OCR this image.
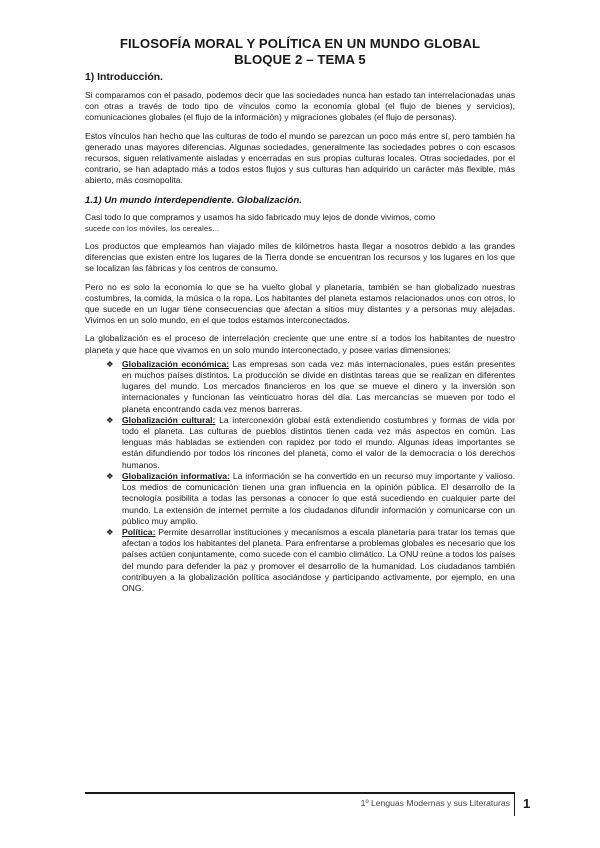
FILOSOFÍA MORAL Y POLÍTICA EN UN MUNDO GLOBAL
BLOQUE 2 – TEMA 5
1) Introducción.

Si comparamos con el pasado, podemos decir que las sociedades nunca han estado tan interrelacionadas unas con otras a través de todo tipo de vínculos como la economía global (el flujo de bienes y servicios), comunicaciones globales (el flujo de la información) y migraciones globales (el flujo de personas).

Estos vínculos han hecho que las culturas de todo el mundo se parezcan un poco más entre sí, pero también ha generado unas mayores diferencias. Algunas sociedades, generalmente las sociedades pobres o con escasos recursos, siguen relativamente aisladas y encerradas en sus propias culturas locales. Otras sociedades, por el contrario, se han adaptado más a todos estos flujos y sus culturas han adquirido un carácter más flexible, más abierto, más cosmopolita.

1.1) Un mundo interdependiente. Globalización.

Casi todo lo que compramos y usamos ha sido fabricado muy lejos de donde vivimos, como
sucede con los móviles, los cereales…

Los productos que empleamos han viajado miles de kilómetros hasta llegar a nosotros debido a las grandes diferencias que existen entre los lugares de la Tierra donde se encuentran los recursos y los lugares en los que se localizan las fábricas y los centros de consumo.

Pero no es solo la economía lo que se ha vuelto global y planetaria, también se han globalizado nuestras costumbres, la comida, la música o la ropa. Los habitantes del planeta estamos relacionados unos con otros, lo que sucede en un lugar tiene consecuencias que afectan a sitios muy distantes y a personas muy alejadas. Vivimos en un solo mundo, en el que todos estamos interconectados.

La globalización es el proceso de interrelación creciente que une entre sí a todos los habitantes de nuestro planeta y que hace que vivamos en un solo mundo interconectado, y posee varias dimensiones:

❖ Globalización económica: Las empresas son cada vez más internacionales, pues están presentes en muchos países distintos. La producción se divide en distintas tareas que se realizan en diferentes lugares del mundo. Los mercados financieros en los que se mueve el dinero y la inversión son internacionales y funcionan las veinticuatro horas del día. Las mercancías se mueven por todo el planeta encontrando cada vez menos barreras.
❖ Globalización cultural: La interconexión global está extendiendo costumbres y formas de vida por todo el planeta. Las culturas de pueblos distintos tienen cada vez más aspectos en común. Las lenguas más habladas se extienden con rapidez por todo el mundo. Algunas ideas importantes se están difundiendo por todos los rincones del planeta, como el valor de la democracia o los derechos humanos.
❖ Globalización informativa: La información se ha convertido en un recurso muy importante y valioso. Los medios de comunicación tienen una gran influencia en la opinión pública. El desarrollo de la tecnología posibilita a todas las personas a conocer lo que está sucediendo en cualquier parte del mundo. La extensión de internet permite a los ciudadanos difundir información y comunicarse con un público muy amplio.
❖ Política: Permite desarrollar instituciones y mecanismos a escala planetaria para tratar los temas que afectan a todos los habitantes del planeta. Para enfrentarse a problemas globales es necesario que los países actúen conjuntamente, como sucede con el cambio climático. La ONU reúne a todos los países del mundo para defender la paz y promover el desarrollo de la humanidad. Los ciudadanos también contribuyen a la globalización política asociándose y participando activamente, por ejemplo, en una ONG.
1º Lenguas Modernas y sus Literaturas 1
